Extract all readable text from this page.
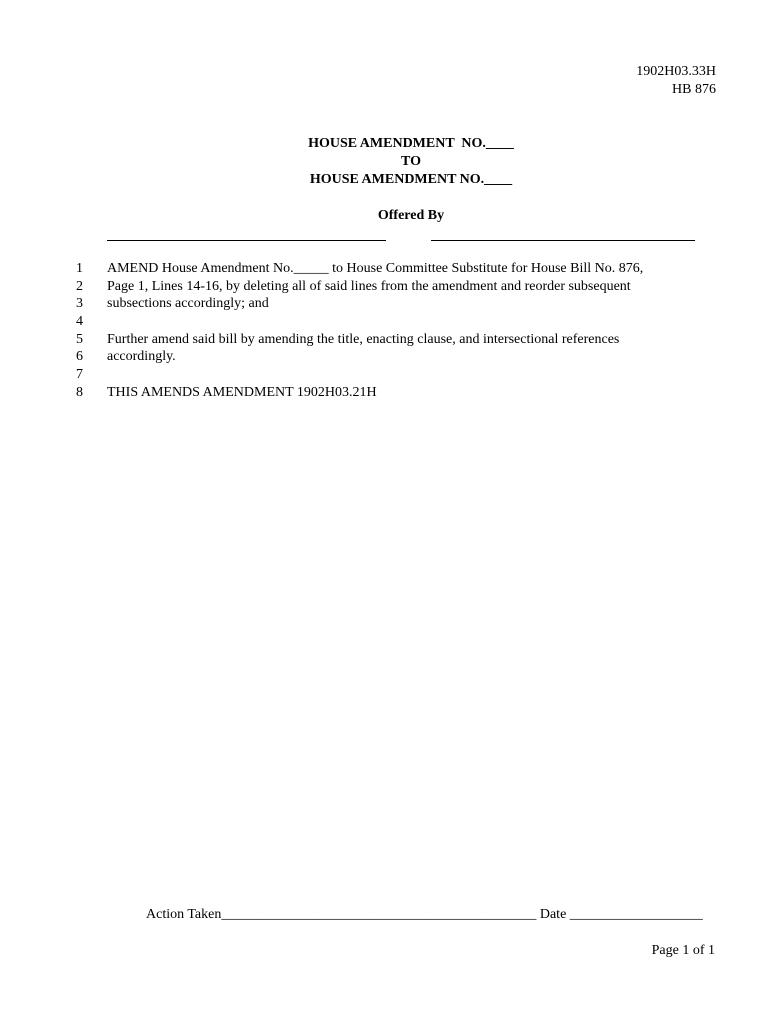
1902H03.33H
HB 876
HOUSE AMENDMENT  NO.____
TO
HOUSE AMENDMENT NO.____
Offered By
1 AMEND House Amendment No._____ to House Committee Substitute for House Bill No. 876,
2 Page 1, Lines 14-16, by deleting all of said lines from the amendment and reorder subsequent
3 subsections accordingly; and
4
5 Further amend said bill by amending the title, enacting clause, and intersectional references
6 accordingly.
7
8 THIS AMENDS AMENDMENT 1902H03.21H
Action Taken_____________________________________________ Date ___________________
Page 1 of 1
